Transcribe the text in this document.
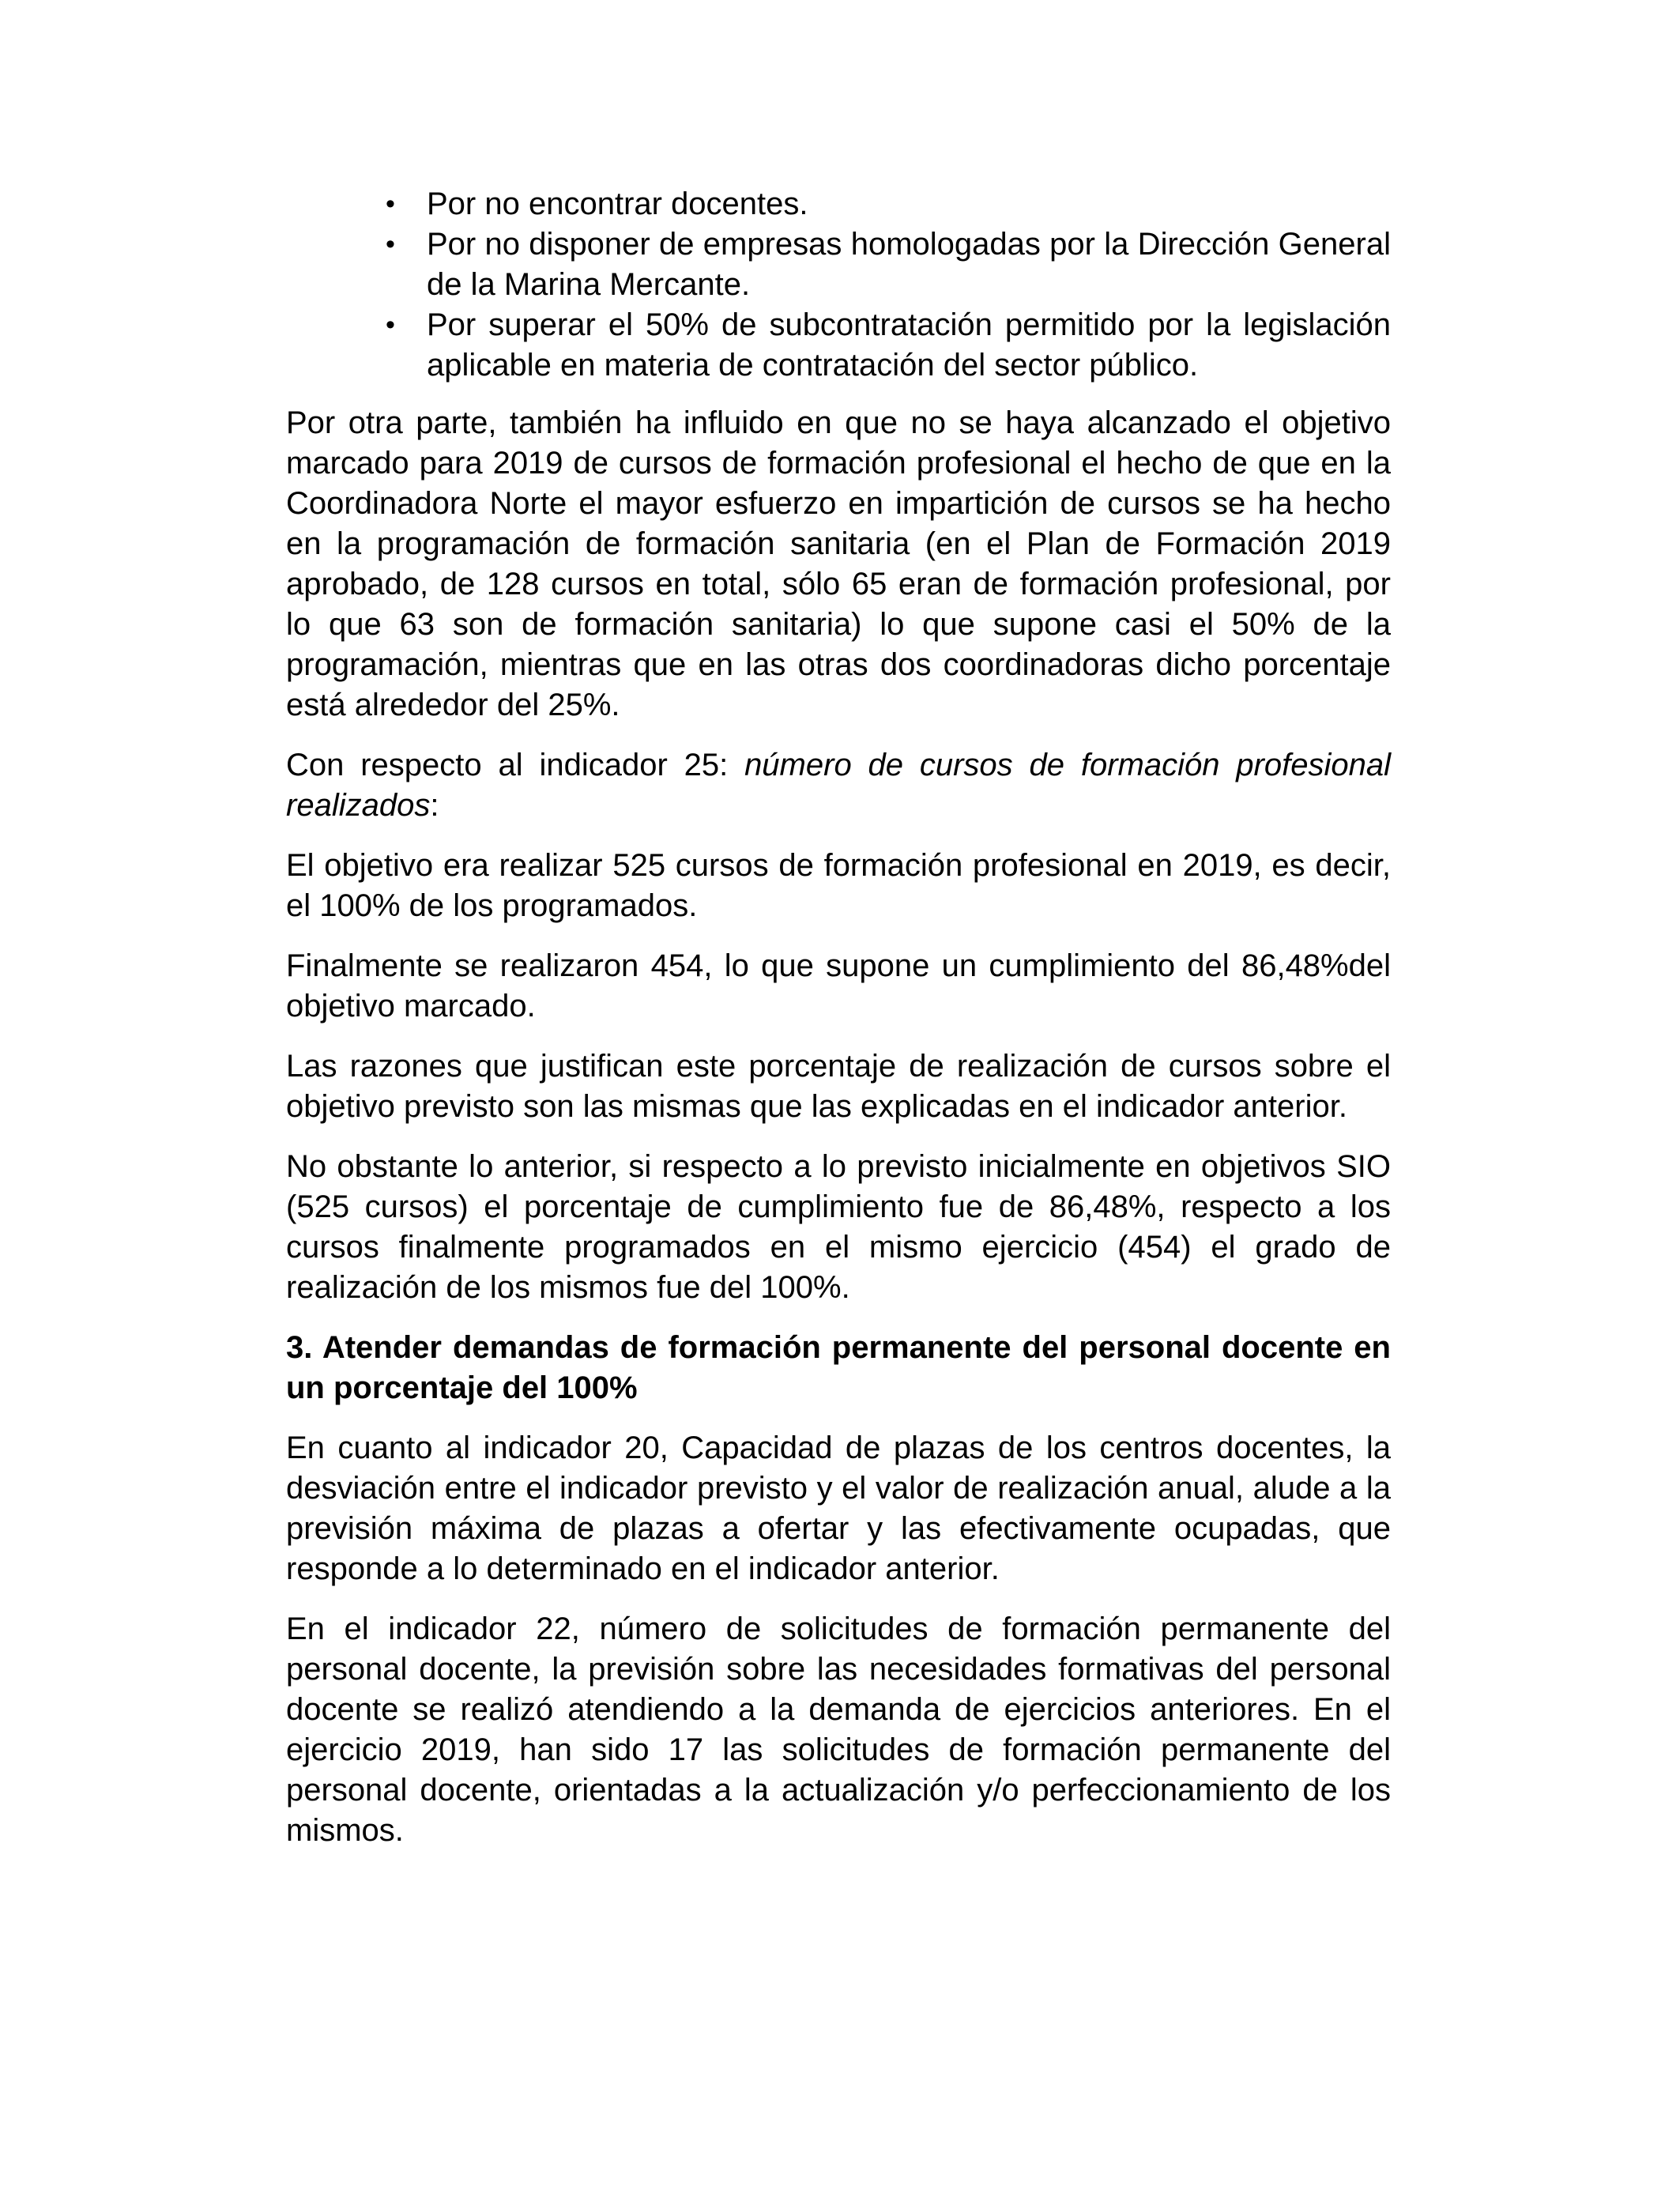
• Por no encontrar docentes.
• Por no disponer de empresas homologadas por la Dirección General de la Marina Mercante.
• Por superar el 50% de subcontratación permitido por la legislación aplicable en materia de contratación del sector público.

Por otra parte, también ha influido en que no se haya alcanzado el objetivo marcado para 2019 de cursos de formación profesional el hecho de que en la Coordinadora Norte el mayor esfuerzo en impartición de cursos se ha hecho en la programación de formación sanitaria (en el Plan de Formación 2019 aprobado, de 128 cursos en total, sólo 65 eran de formación profesional, por lo que 63 son de formación sanitaria) lo que supone casi el 50% de la programación, mientras que en las otras dos coordinadoras dicho porcentaje está alrededor del 25%.

Con respecto al indicador 25: número de cursos de formación profesional realizados:

El objetivo era realizar 525 cursos de formación profesional en 2019, es decir, el 100% de los programados.

Finalmente se realizaron 454, lo que supone un cumplimiento del 86,48%del objetivo marcado.

Las razones que justifican este porcentaje de realización de cursos sobre el objetivo previsto son las mismas que las explicadas en el indicador anterior.

No obstante lo anterior, si respecto a lo previsto inicialmente en objetivos SIO (525 cursos) el porcentaje de cumplimiento fue de 86,48%, respecto a los cursos finalmente programados en el mismo ejercicio (454) el grado de realización de los mismos fue del 100%.

3. Atender demandas de formación permanente del personal docente en un porcentaje del 100%

En cuanto al indicador 20, Capacidad de plazas de los centros docentes, la desviación entre el indicador previsto y el valor de realización anual, alude a la previsión máxima de plazas a ofertar y las efectivamente ocupadas, que responde a lo determinado en el indicador anterior.

En el indicador 22, número de solicitudes de formación permanente del personal docente, la previsión sobre las necesidades formativas del personal docente se realizó atendiendo a la demanda de ejercicios anteriores. En el ejercicio 2019, han sido 17 las solicitudes de formación permanente del personal docente, orientadas a la actualización y/o perfeccionamiento de los mismos.
